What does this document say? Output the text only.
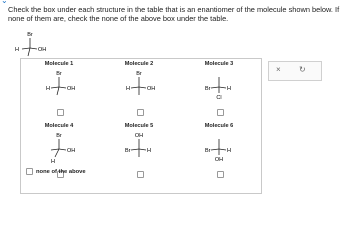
⌄
Check the box under each structure in the table that is an enantiomer of the molecule shown below. If none of them are, check the none of the above box under the table.
Br
H	OH
Molecule 1
Br
H	OH
Molecule 2
Br
H	OH
Molecule 3
Br	H
Cl
Molecule 4
Br
OH
H
Molecule 5
OH
Br	H
Molecule 6
Br	H
OH
none of the above
× ↻
